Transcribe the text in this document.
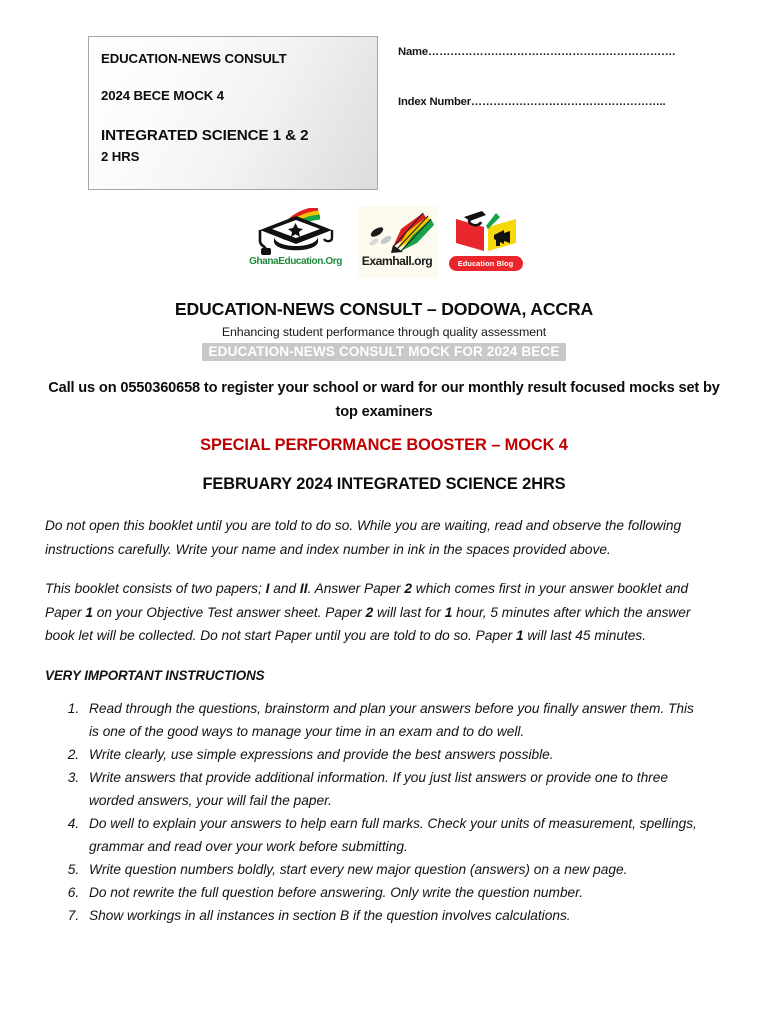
EDUCATION-NEWS CONSULT
2024 BECE MOCK 4
INTEGRATED SCIENCE 1 & 2
2 HRS
Name………………………………………………………….
Index Number……………………………………………..
GhanaEducation.Org	Examhall.org	Education Blog
EDUCATION-NEWS CONSULT – DODOWA, ACCRA
Enhancing student performance through quality assessment
EDUCATION-NEWS CONSULT MOCK FOR 2024 BECE
Call us on 0550360658 to register your school or ward for our monthly result focused mocks set by top examiners
SPECIAL PERFORMANCE BOOSTER – MOCK 4
FEBRUARY 2024 INTEGRATED SCIENCE 2HRS

Do not open this booklet until you are told to do so. While you are waiting, read and observe the following instructions carefully. Write your name and index number in ink in the spaces provided above.

This booklet consists of two papers; I and II. Answer Paper 2 which comes first in your answer booklet and Paper 1 on your Objective Test answer sheet. Paper 2 will last for 1 hour, 5 minutes after which the answer book let will be collected. Do not start Paper until you are told to do so. Paper 1 will last 45 minutes.

VERY IMPORTANT INSTRUCTIONS
1. Read through the questions, brainstorm and plan your answers before you finally answer them. This is one of the good ways to manage your time in an exam and to do well.
2. Write clearly, use simple expressions and provide the best answers possible.
3. Write answers that provide additional information. If you just list answers or provide one to three worded answers, your will fail the paper.
4. Do well to explain your answers to help earn full marks. Check your units of measurement, spellings, grammar and read over your work before submitting.
5. Write question numbers boldly, start every new major question (answers) on a new page.
6. Do not rewrite the full question before answering. Only write the question number.
7. Show workings in all instances in section B if the question involves calculations.
